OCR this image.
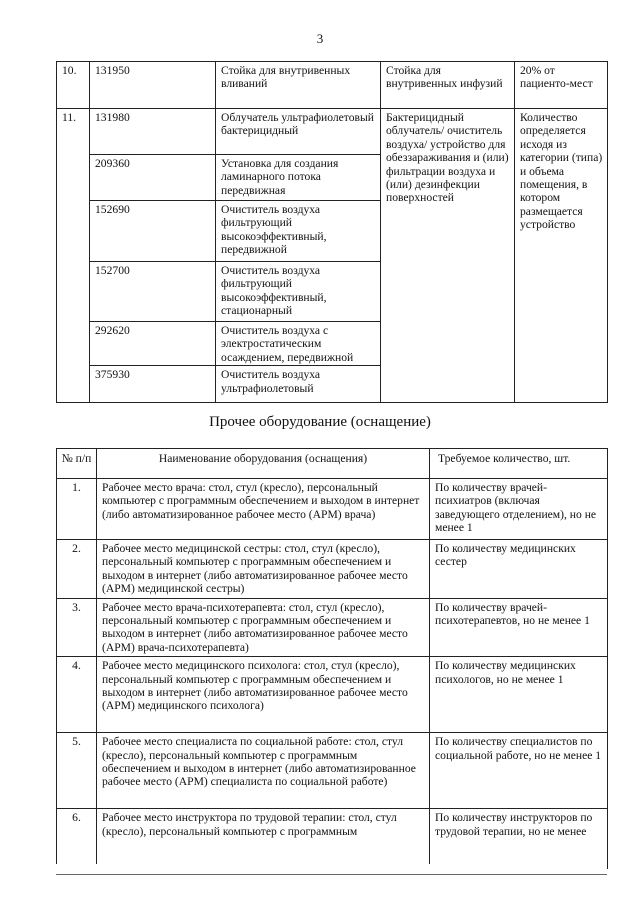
3
10.	131950	Стойка для внутривенных вливаний	Стойка для внутривенных инфузий	20% от пациенто-мест
11.	131980	Облучатель ультрафиолетовый бактерицидный	Бактерицидный облучатель/ очиститель воздуха/ устройство для обеззараживания и (или) фильтрации воздуха и (или) дезинфекции поверхностей	Количество определяется исходя из категории (типа) и объема помещения, в котором размещается устройство
	209360	Установка для создания ламинарного потока передвижная		
	152690	Очиститель воздуха фильтрующий высокоэффективный, передвижной		
	152700	Очиститель воздуха фильтрующий высокоэффективный, стационарный		
	292620	Очиститель воздуха с электростатическим осаждением, передвижной		
	375930	Очиститель воздуха ультрафиолетовый		
Прочее оборудование (оснащение)
№ п/п	Наименование оборудования (оснащения)	Требуемое количество, шт.
1.	Рабочее место врача: стол, стул (кресло), персональный компьютер с программным обеспечением и выходом в интернет (либо автоматизированное рабочее место (АРМ) врача)	По количеству врачей-психиатров (включая заведующего отделением), но не менее 1
2.	Рабочее место медицинской сестры: стол, стул (кресло), персональный компьютер с программным обеспечением и выходом в интернет (либо автоматизированное рабочее место (АРМ) медицинской сестры)	По количеству медицинских сестер
3.	Рабочее место врача-психотерапевта: стол, стул (кресло), персональный компьютер с программным обеспечением и выходом в интернет (либо автоматизированное рабочее место (АРМ) врача-психотерапевта)	По количеству врачей-психотерапевтов, но не менее 1
4.	Рабочее место медицинского психолога: стол, стул (кресло), персональный компьютер с программным обеспечением и выходом в интернет (либо автоматизированное рабочее место (АРМ) медицинского психолога)	По количеству медицинских психологов, но не менее 1
5.	Рабочее место специалиста по социальной работе: стол, стул (кресло), персональный компьютер с программным обеспечением и выходом в интернет (либо автоматизированное рабочее место (АРМ) специалиста по социальной работе)	По количеству специалистов по социальной работе, но не менее 1
6.	Рабочее место инструктора по трудовой терапии: стол, стул (кресло), персональный компьютер с программным	По количеству инструкторов по трудовой терапии, но не менее
